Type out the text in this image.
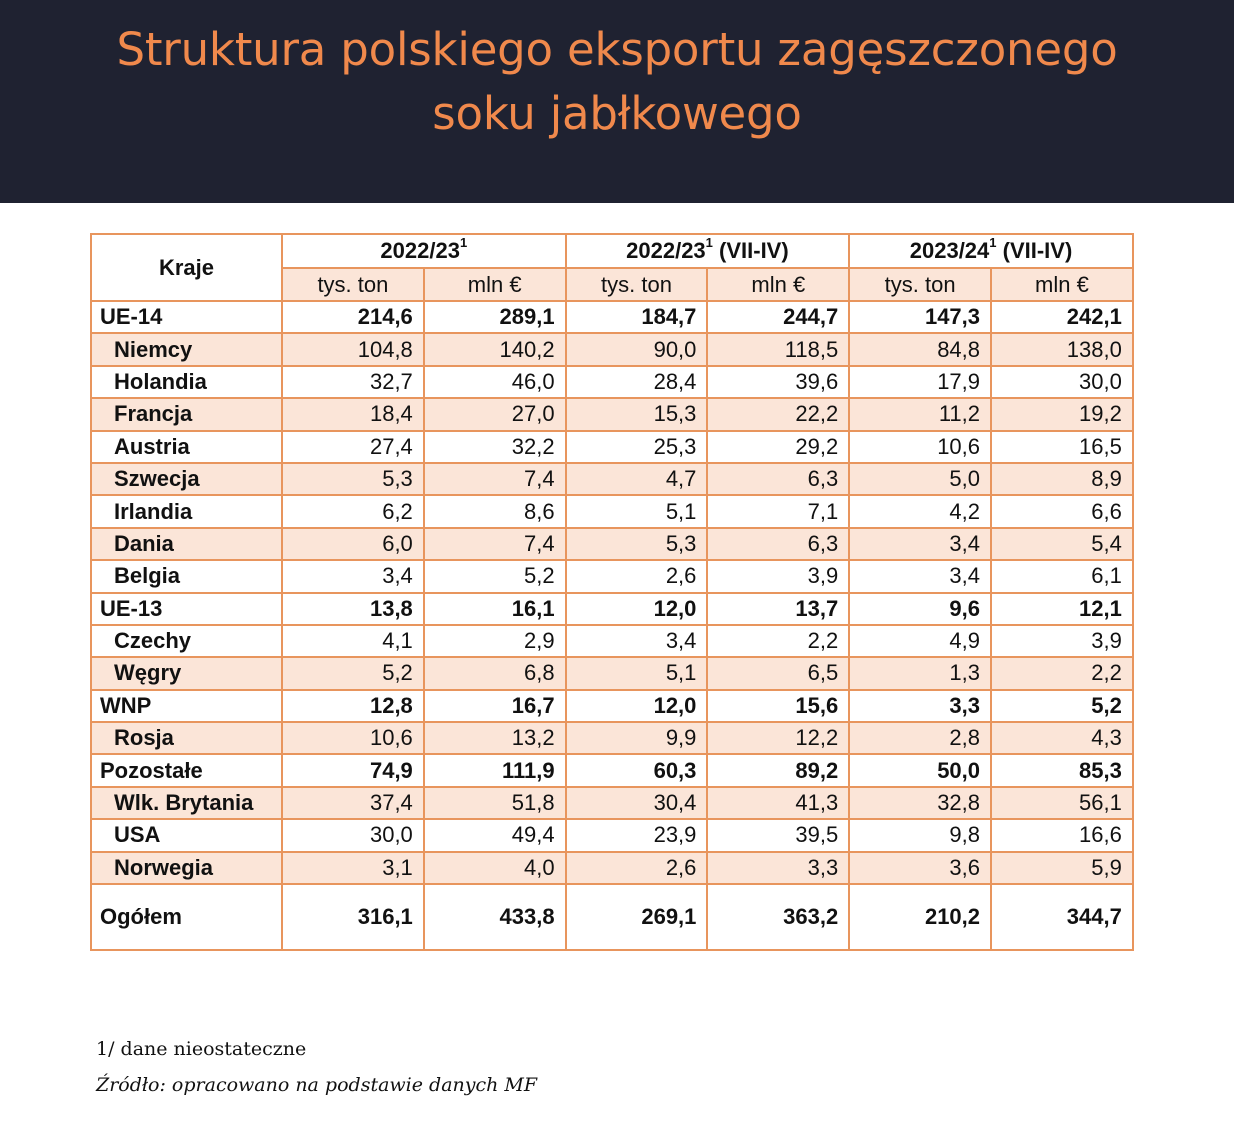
Struktura polskiego eksportu zagęszczonego
soku jabłkowego
Kraje	$2022/23^1$		$2022/23^1$ (VII-IV)		$2023/24^1$ (VII-IV)	
	tys. ton	mln €	tys. ton	mln €	tys. ton	mln €
UE-14	214,6	289,1	184,7	244,7	147,3	242,1
Niemcy	104,8	140,2	90,0	118,5	84,8	138,0
Holandia	32,7	46,0	28,4	39,6	17,9	30,0
Francja	18,4	27,0	15,3	22,2	11,2	19,2
Austria	27,4	32,2	25,3	29,2	10,6	16,5
Szwecja	5,3	7,4	4,7	6,3	5,0	8,9
Irlandia	6,2	8,6	5,1	7,1	4,2	6,6
Dania	6,0	7,4	5,3	6,3	3,4	5,4
Belgia	3,4	5,2	2,6	3,9	3,4	6,1
UE-13	13,8	16,1	12,0	13,7	9,6	12,1
Czechy	4,1	2,9	3,4	2,2	4,9	3,9
Węgry	5,2	6,8	5,1	6,5	1,3	2,2
WNP	12,8	16,7	12,0	15,6	3,3	5,2
Rosja	10,6	13,2	9,9	12,2	2,8	4,3
Pozostałe	74,9	111,9	60,3	89,2	50,0	85,3
Wlk. Brytania	37,4	51,8	30,4	41,3	32,8	56,1
USA	30,0	49,4	23,9	39,5	9,8	16,6
Norwegia	3,1	4,0	2,6	3,3	3,6	5,9
Ogółem	316,1	433,8	269,1	363,2	210,2	344,7
1/ dane nieostateczne
Źródło: opracowano na podstawie danych MF
